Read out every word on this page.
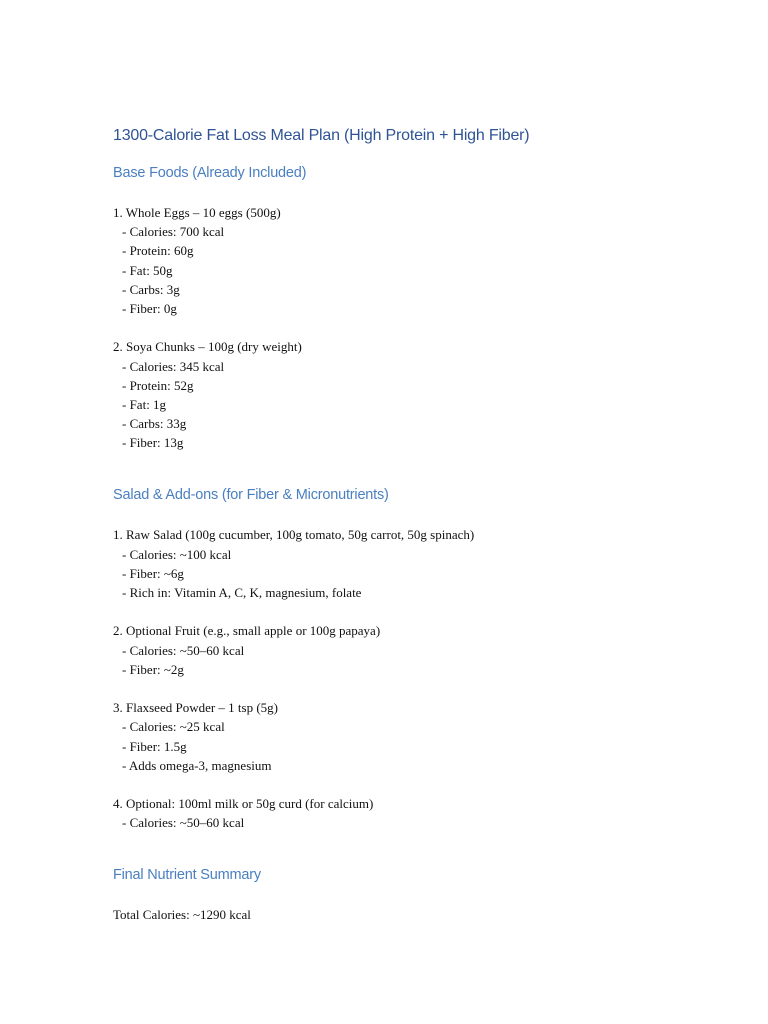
1300-Calorie Fat Loss Meal Plan (High Protein + High Fiber)
Base Foods (Already Included)
1. Whole Eggs – 10 eggs (500g)
- Calories: 700 kcal
- Protein: 60g
- Fat: 50g
- Carbs: 3g
- Fiber: 0g
2. Soya Chunks – 100g (dry weight)
- Calories: 345 kcal
- Protein: 52g
- Fat: 1g
- Carbs: 33g
- Fiber: 13g
Salad & Add-ons (for Fiber & Micronutrients)
1. Raw Salad (100g cucumber, 100g tomato, 50g carrot, 50g spinach)
- Calories: ~100 kcal
- Fiber: ~6g
- Rich in: Vitamin A, C, K, magnesium, folate
2. Optional Fruit (e.g., small apple or 100g papaya)
- Calories: ~50–60 kcal
- Fiber: ~2g
3. Flaxseed Powder – 1 tsp (5g)
- Calories: ~25 kcal
- Fiber: 1.5g
- Adds omega-3, magnesium
4. Optional: 100ml milk or 50g curd (for calcium)
- Calories: ~50–60 kcal
Final Nutrient Summary
Total Calories: ~1290 kcal
